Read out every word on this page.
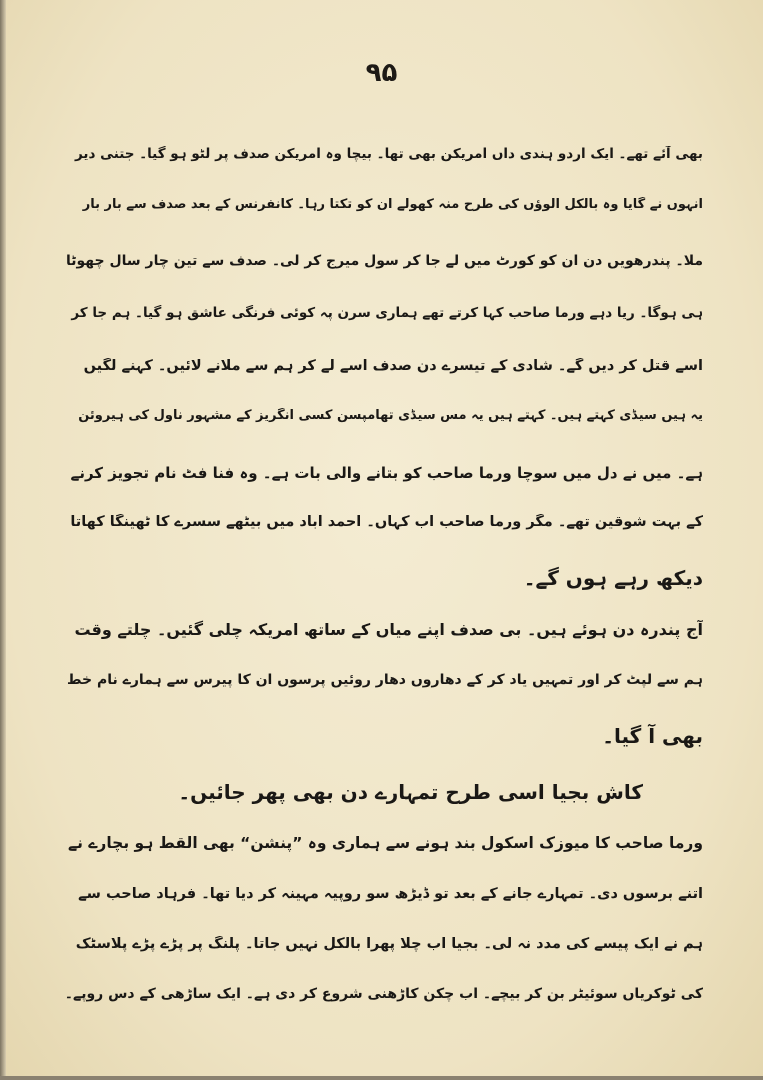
۹۵
بھی آئے تھے۔ ایک اردو ہندی داں امریکن بھی تھا۔ بیچا وہ امریکن صدف پر لٹو ہو گیا۔ جتنی دیر
انہوں نے گایا وہ بالکل الّوؤں کی طرح منہ کھولے ان کو تکتا رہا۔ کانفرنس کے بعد صدف سے بار بار
ملا۔ پندرھویں دن ان کو کورٹ میں لے جا کر سول میرج کر لی۔ صدف سے تین چار سال چھوٹا
ہی ہوگا۔ ریا دہے ورما صاحب کہا کرتے تھے ہماری سرن پہ کوئی فرنگی عاشق ہو گیا۔ ہم جا کر
اسے قتل کر دیں گے۔ شادی کے تیسرے دن صدف اسے لے کر ہم سے ملانے لائیں۔ کہنے لگیں
یہ ہیں سیڈی کہتے ہیں۔ کہتے ہیں یہ مس سیڈی تھامپسن کسی انگریز کے مشہور ناول کی ہیروئن
ہے۔ میں نے دل میں سوچا ورما صاحب کو بتانے والی بات ہے۔ وہ فنا فٹ نام تجویز کرنے
کے بہت شوقین تھے۔ مگر ورما صاحب اب کہاں۔ احمد آباد میں بیٹھے سسرے کا ٹھینگا کھاتا
دیکھ رہے ہوں گے۔
آج پندرہ دن ہوئے ہیں۔ بی صدف اپنے میاں کے ساتھ امریکہ چلی گئیں۔ چلتے وقت
ہم سے لپٹ کر اور تمہیں یاد کر کے دھاروں دھار روئیں پرسوں ان کا پیرس سے ہمارے نام خط
بھی آ گیا۔
کاش بجیا اسی طرح تمہارے دن بھی پھر جائیں۔
ورما صاحب کا میوزک اسکول بند ہونے سے ہماری وہ ”پنشن“ بھی القط ہو بچارے نے
اتنے برسوں دی۔ تمہارے جانے کے بعد تو ڈیڑھ سو روپیہ مہینہ کر دیا تھا۔ فرہاد صاحب سے
ہم نے ایک پیسے کی مدد نہ لی۔ بجیا اب چلا پھرا بالکل نہیں جاتا۔ پلنگ پر پڑے پڑے پلاسٹک
کی ٹوکریاں سوئیٹر بن کر بیچے۔ اب چکن کاڑھنی شروع کر دی ہے۔ ایک ساڑھی کے دس روپے۔
